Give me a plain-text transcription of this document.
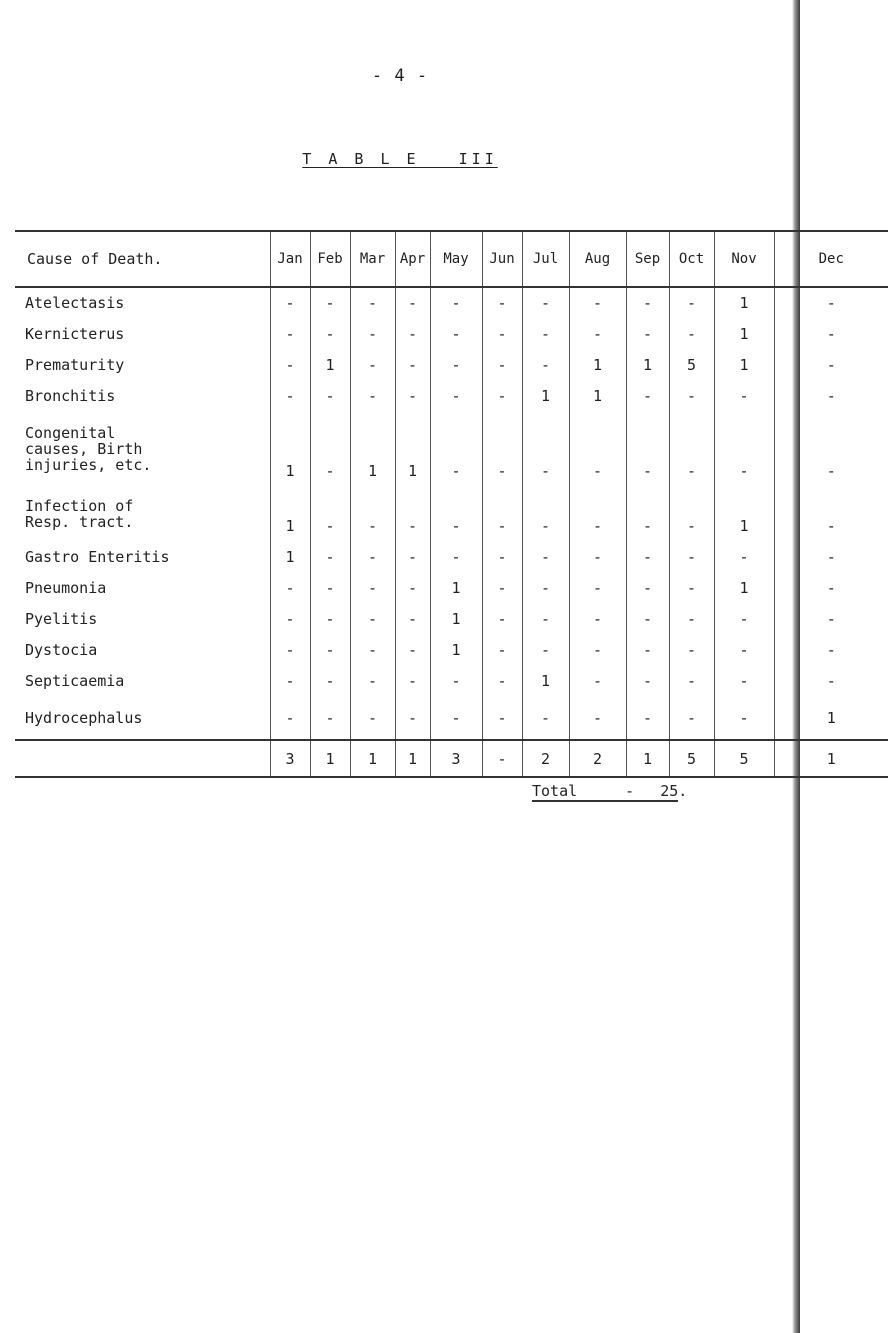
- 4 -
T A B L E   III
Cause of Death.	Jan	Feb	Mar	Apr	May	Jun	Jul	Aug	Sep	Oct	Nov	Dec
Atelectasis	-	-	-	-	-	-	-	-	-	-	1	-
Kernicterus	-	-	-	-	-	-	-	-	-	-	1	-
Prematurity	-	1	-	-	-	-	-	1	1	5	1	-
Bronchitis	-	-	-	-	-	-	1	1	-	-	-	-
Congenital
causes, Birth
injuries, etc.	1	-	1	1	-	-	-	-	-	-	-	-
Infection of
Resp. tract.	1	-	-	-	-	-	-	-	-	-	1	-
Gastro Enteritis	1	-	-	-	-	-	-	-	-	-	-	-
Pneumonia	-	-	-	-	1	-	-	-	-	-	1	-
Pyelitis	-	-	-	-	1	-	-	-	-	-	-	-
Dystocia	-	-	-	-	1	-	-	-	-	-	-	-
Septicaemia	-	-	-	-	-	-	1	-	-	-	-	-
Hydrocephalus	-	-	-	-	-	-	-	-	-	-	-	1
	3	1	1	1	3	-	2	2	1	5	5	1
Total	- 25.
